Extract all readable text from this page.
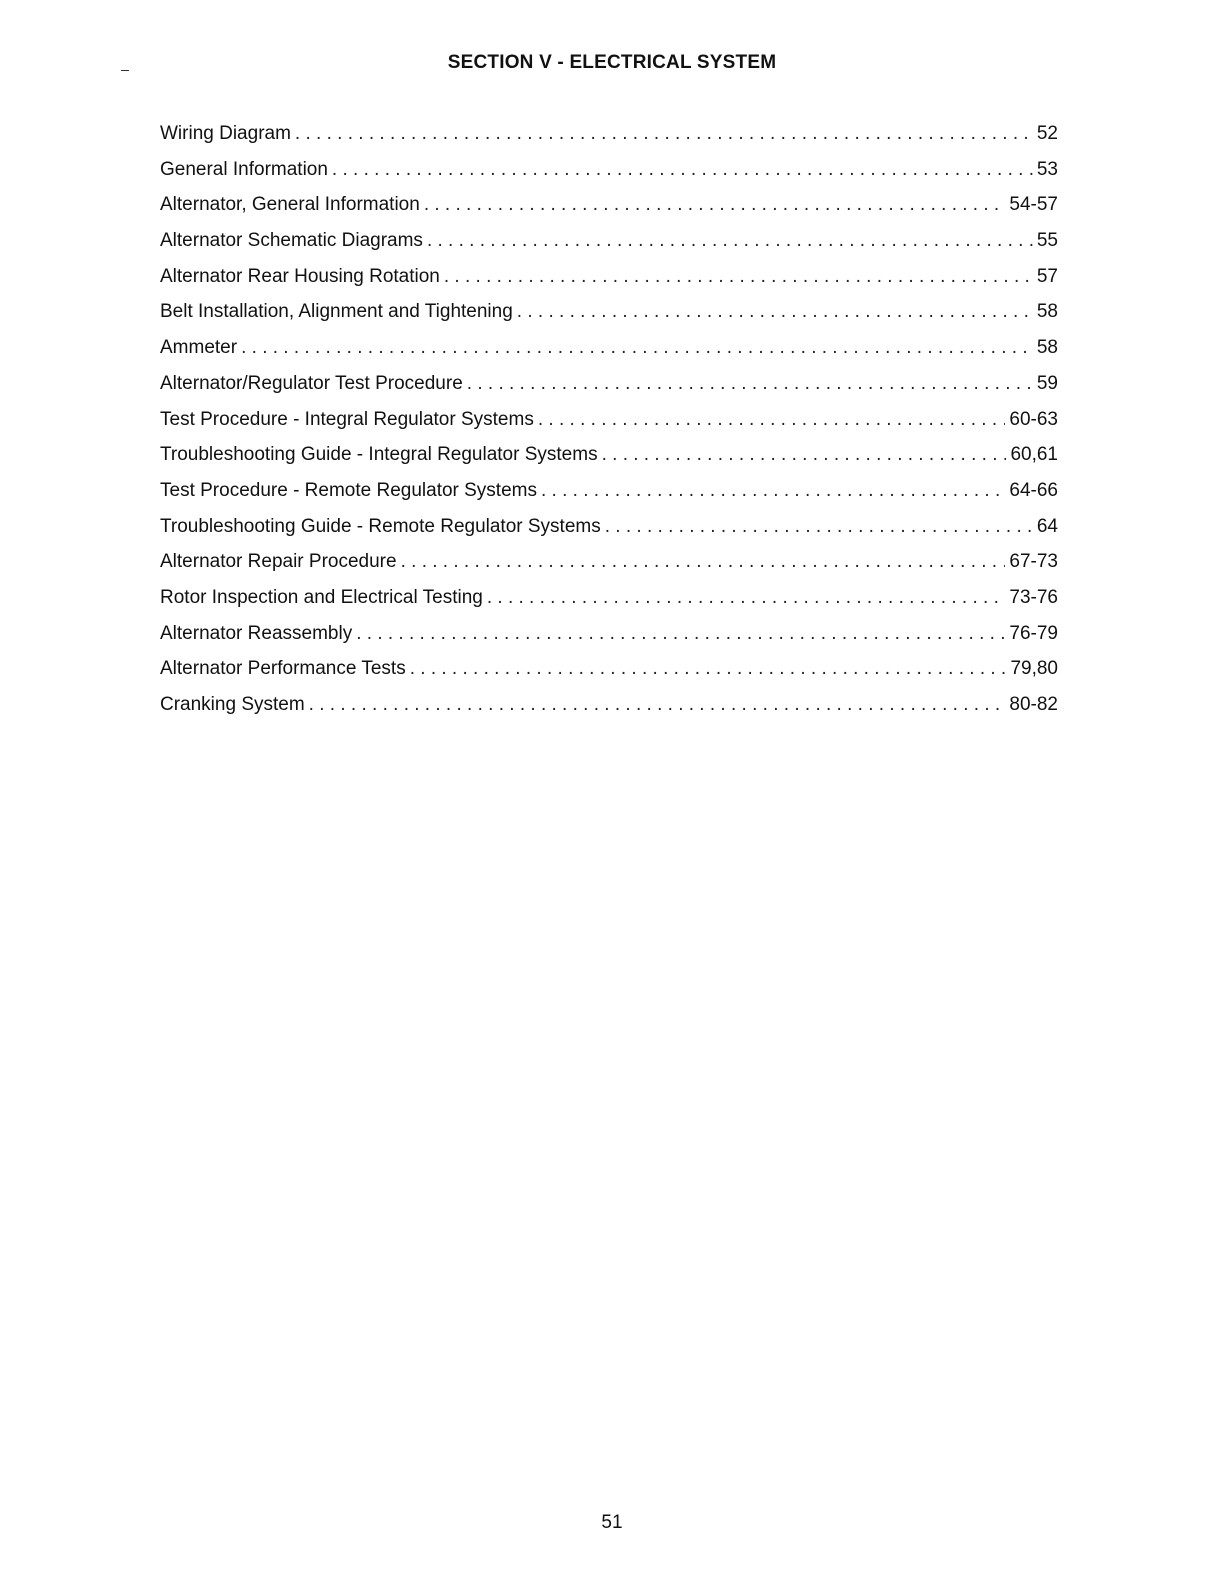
SECTION V - ELECTRICAL SYSTEM
Wiring Diagram . . .	52
General Information . . .	53
Alternator, General Information . . .	54-57
Alternator Schematic Diagrams . . .	55
Alternator Rear Housing Rotation . . .	57
Belt Installation, Alignment and Tightening . . .	58
Ammeter . . .	58
Alternator/Regulator Test Procedure . . .	59
Test Procedure - Integral Regulator Systems . . .	60-63
Troubleshooting Guide - Integral Regulator Systems . . .	60,61
Test Procedure - Remote Regulator Systems . . .	64-66
Troubleshooting Guide - Remote Regulator Systems . . .	64
Alternator Repair Procedure . . .	67-73
Rotor Inspection and Electrical Testing . . .	73-76
Alternator Reassembly . . .	76-79
Alternator Performance Tests . . .	79,80
Cranking System . . .	80-82
51
